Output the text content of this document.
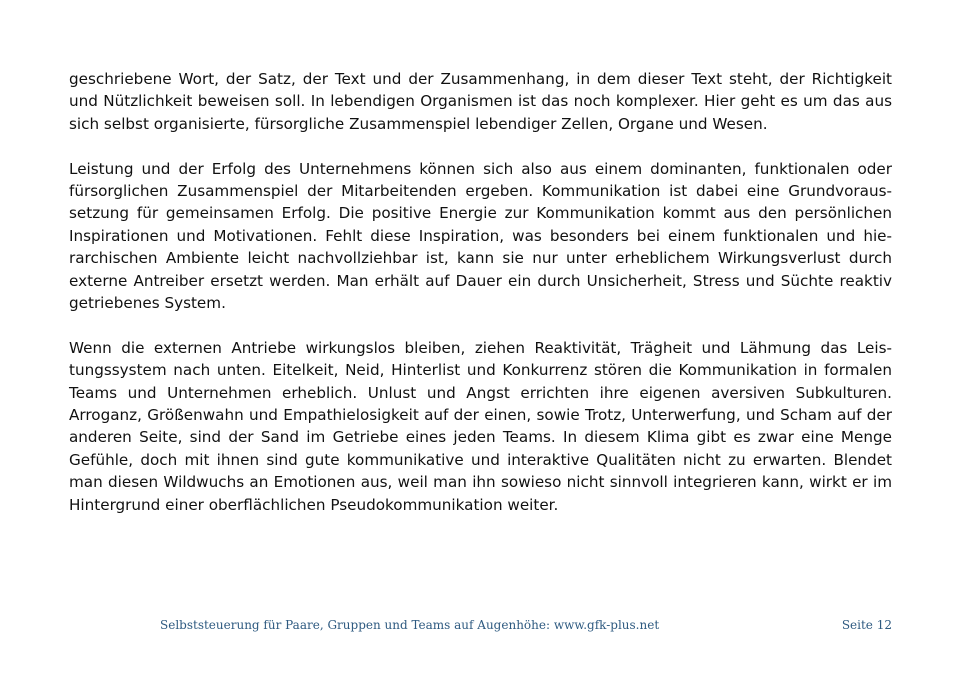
geschriebene Wort, der Satz, der Text und der Zusammenhang, in dem dieser Text steht, der Richtigkeit und Nützlichkeit beweisen soll. In lebendigen Organismen ist das noch komplexer. Hier geht es um das aus sich selbst organisierte, fürsorgliche Zusammenspiel lebendiger Zellen, Organe und Wesen.

Leistung und der Erfolg des Unternehmens können sich also aus einem dominanten, funktionalen oder fürsorglichen Zusammenspiel der Mitarbeitenden ergeben. Kommunikation ist dabei eine Grundvoraussetzung für gemeinsamen Erfolg. Die positive Energie zur Kommunikation kommt aus den persönlichen Inspirationen und Motivationen. Fehlt diese Inspiration, was besonders bei einem funktionalen und hierarchischen Ambiente leicht nachvollziehbar ist, kann sie nur unter erheblichem Wirkungsverlust durch externe Antreiber ersetzt werden. Man erhält auf Dauer ein durch Unsicherheit, Stress und Süchte reaktiv getriebenes System.

Wenn die externen Antriebe wirkungslos bleiben, ziehen Reaktivität, Trägheit und Lähmung das Leistungssystem nach unten. Eitelkeit, Neid, Hinterlist und Konkurrenz stören die Kommunikation in formalen Teams und Unternehmen erheblich. Unlust und Angst errichten ihre eigenen aversiven Subkulturen. Arroganz, Größenwahn und Empathielosigkeit auf der einen, sowie Trotz, Unterwerfung, und Scham auf der anderen Seite, sind der Sand im Getriebe eines jeden Teams. In diesem Klima gibt es zwar eine Menge Gefühle, doch mit ihnen sind gute kommunikative und interaktive Qualitäten nicht zu erwarten. Blendet man diesen Wildwuchs an Emotionen aus, weil man ihn sowieso nicht sinnvoll integrieren kann, wirkt er im Hintergrund einer oberflächlichen Pseudokommunikation weiter.

Selbststeuerung für Paare, Gruppen und Teams auf Augenhöhe: www.gfk-plus.net	Seite 12
